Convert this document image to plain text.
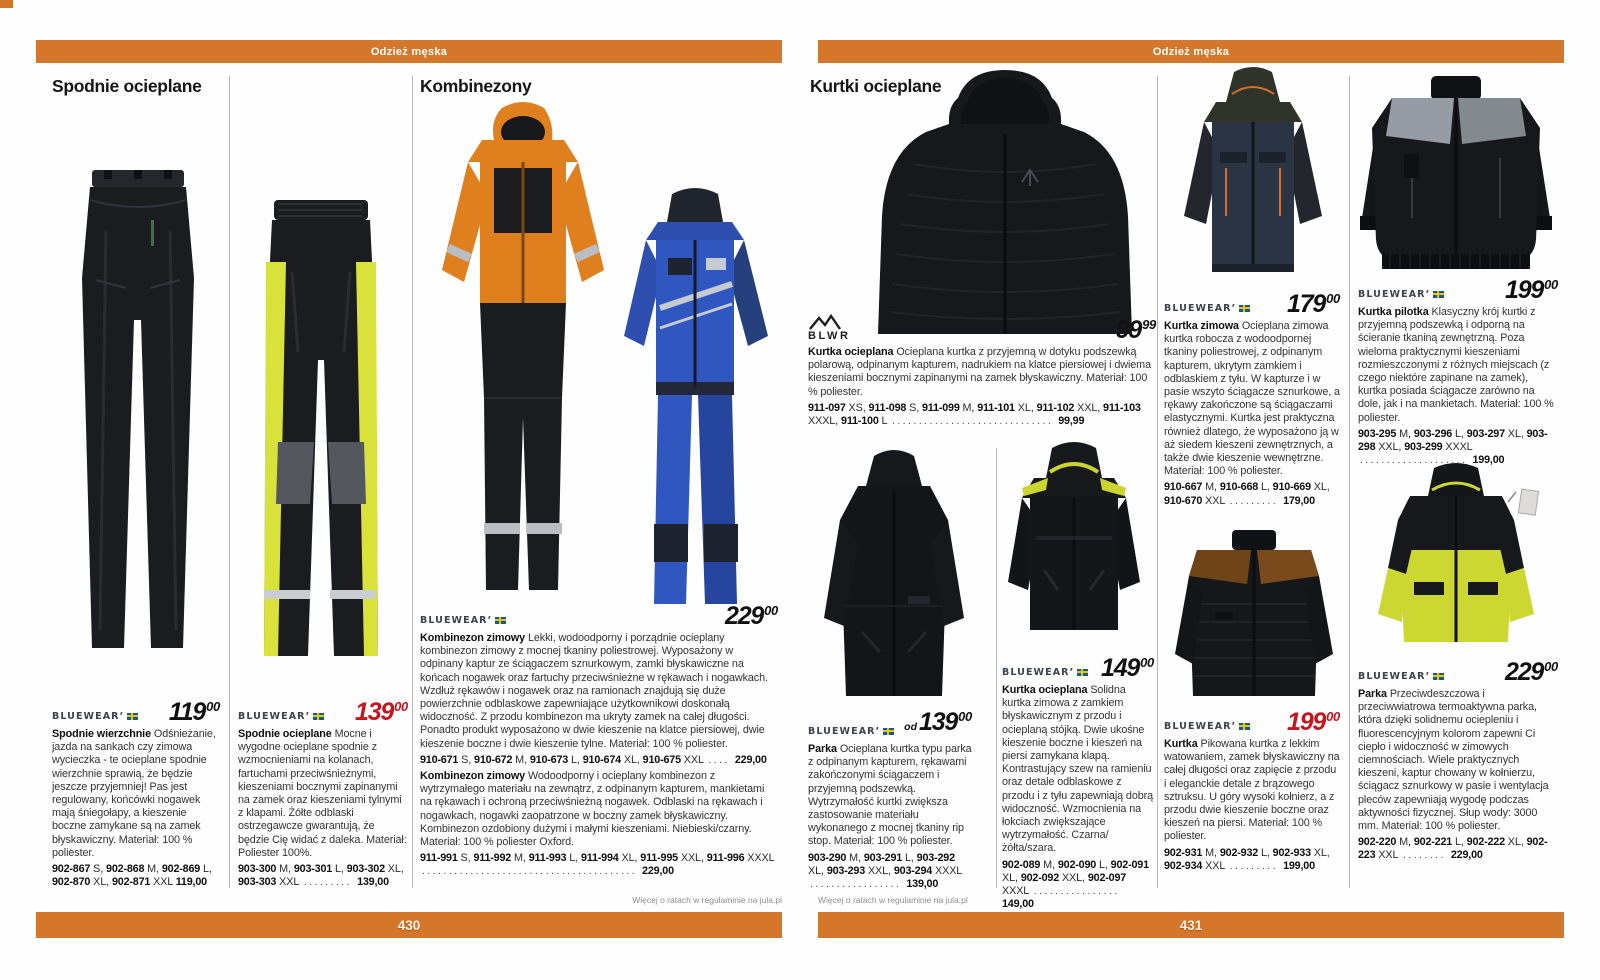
Odzież męska	Odzież męska
Spodnie ocieplane	Kombinezony	Kurtki ocieplane
BLUEWEAR’ $119^{00}$

Spodnie wierzchnie Odśnieżanie, jazda na sankach czy zimowa wycieczka - te ocieplane spodnie wierzchnie sprawią, że będzie jeszcze przyjemniej! Pas jest regulowany, końcówki nogawek mają śniegołapy, a kieszenie boczne zamykane są na zamek błyskawiczny. Materiał: 100 % poliester.

902-867 S, 902-868 M, 902-869 L, 902-870 XL, 902-871 XXL 119,00
BLUEWEAR’ $139^{00}$

Spodnie ocieplane Mocne i wygodne ocieplane spodnie z wzmocnieniami na kolanach, fartuchami przeciwśnieżnymi, kieszeniami bocznymi zapinanymi na zamek oraz kieszeniami tylnymi z klapami. Żółte odblaski ostrzegawcze gwarantują, że będzie Cię widać z daleka. Materiał: Poliester 100%.

903-300 M, 903-301 L, 903-302 XL, 903-303 XXL ......... 139,00
BLUEWEAR’	$229^{00}$

Kombinezon zimowy Lekki, wodoodporny i porządnie ocieplany kombinezon zimowy z mocnej tkaniny poliestrowej. Wyposażony w odpinany kaptur ze ściągaczem sznurkowym, zamki błyskawiczne na końcach nogawek oraz fartuchy przeciwśnieżne w rękawach i nogawkach. Wzdłuż rękawów i nogawek oraz na ramionach znajdują się duże powierzchnie odblaskowe zapewniające użytkownikowi doskonałą widoczność. Z przodu kombinezon ma ukryty zamek na całej długości. Ponadto produkt wyposażono w dwie kieszenie na klatce piersiowej, dwie kieszenie boczne i dwie kieszenie tylne. Materiał: 100 % poliester.

910-671 S, 910-672 M, 910-673 L, 910-674 XL, 910-675 XXL .... 229,00

Kombinezon zimowy Wodoodporny i ocieplany kombinezon z wytrzymałego materiału na zewnątrz, z odpinanym kapturem, mankietami na rękawach i ochroną przeciwśnieżną nogawek. Odblaski na rękawach i nogawkach, nogawki zaopatrzone w boczny zamek błyskawiczny. Kombinezon ozdobiony dużymi i małymi kieszeniami. Niebieski/czarny. Materiał: 100 % poliester Oxford.

911-991 S, 911-992 M, 911-993 L, 911-994 XL, 911-995 XXL, 911-996 XXXL ........................................ 229,00
BLWR	$99^{99}$

Kurtka ocieplana Ocieplana kurtka z przyjemną w dotyku podszewką polarową, odpinanym kapturem, nadrukiem na klatce piersiowej i dwiema kieszeniami bocznymi zapinanymi na zamek błyskawiczny. Materiał: 100 % poliester.

911-097 XS, 911-098 S, 911-099 M, 911-101 XL, 911-102 XXL, 911-103 XXXL, 911-100 L .............................. 99,99
BLUEWEAR’ $od139^{00}$

Parka Ocieplana kurtka typu parka z odpinanym kapturem, rękawami zakończonymi ściągaczem i przyjemną podszewką. Wytrzymałość kurtki zwiększa zastosowanie materiału wykonanego z mocnej tkaniny rip stop. Materiał: 100 % poliester.

903-290 M, 903-291 L, 903-292 XL, 903-293 XXL, 903-294 XXXL ................. 139,00
BLUEWEAR’ $149^{00}$

Kurtka ocieplana Solidna kurtka zimowa z zamkiem błyskawicznym z przodu i ocieplaną stójką. Dwie ukośne kieszenie boczne i kieszeń na piersi zamykana klapą. Kontrastujący szew na ramieniu oraz detale odblaskowe z przodu i z tyłu zapewniają dobrą widoczność. Wzmocnienia na łokciach zwiększające wytrzymałość. Czarna/żółta/szara.

902-089 M, 902-090 L, 902-091 XL, 902-092 XXL, 902-097 XXXL ................ 149,00
BLUEWEAR’ $179^{00}$

Kurtka zimowa Ocieplana zimowa kurtka robocza z wodoodpornej tkaniny poliestrowej, z odpinanym kapturem, ukrytym zamkiem i odblaskiem z tyłu. W kapturze i w pasie wszyto ściągacze sznurkowe, a rękawy zakończone są ściągaczami elastycznymi. Kurtka jest praktyczna również dlatego, że wyposażono ją w aż siedem kieszeni zewnętrznych, a także dwie kieszenie wewnętrzne. Materiał: 100 % poliester.

910-667 M, 910-668 L, 910-669 XL, 910-670 XXL ......... 179,00
BLUEWEAR’ $199^{00}$

Kurtka Pikowana kurtka z lekkim watowaniem, zamek błyskawiczny na całej długości oraz zapięcie z przodu i eleganckie detale z brązowego sztruksu. U góry wysoki kołnierz, a z przodu dwie kieszenie boczne oraz kieszeń na piersi. Materiał: 100 % poliester.

902-931 M, 902-932 L, 902-933 XL, 902-934 XXL ......... 199,00
BLUEWEAR’	$199^{00}$

Kurtka pilotka Klasyczny krój kurtki z przyjemną podszewką i odporną na ścieranie tkaniną zewnętrzną. Poza wieloma praktycznymi kieszeniami rozmieszczonymi z różnych miejscach (z czego niektóre zapinane na zamek), kurtka posiada ściągacze zarówno na dole, jak i na mankietach. Materiał: 100 % poliester.

903-295 M, 903-296 L, 903-297 XL, 903-298 XXL, 903-299 XXXL .................... 199,00
BLUEWEAR’	$229^{00}$

Parka Przeciwdeszczowa i przeciwwiatrowa termoaktywna parka, która dzięki solidnemu ociepleniu i fluorescencyjnym kolorom zapewni Ci ciepło i widoczność w zimowych ciemnościach. Wiele praktycznych kieszeni, kaptur chowany w kołnierzu, ściągacz sznurkowy w pasie i wentylacja pleców zapewniają wygodę podczas aktywności fizycznej. Słup wody: 3000 mm. Materiał: 100 % poliester.

902-220 M, 902-221 L, 902-222 XL, 902-223 XXL ........ 229,00
Więcej o ratach w regulaminie na jula.pl	Więcej o ratach w regulaminie na jula.pl
430	431
